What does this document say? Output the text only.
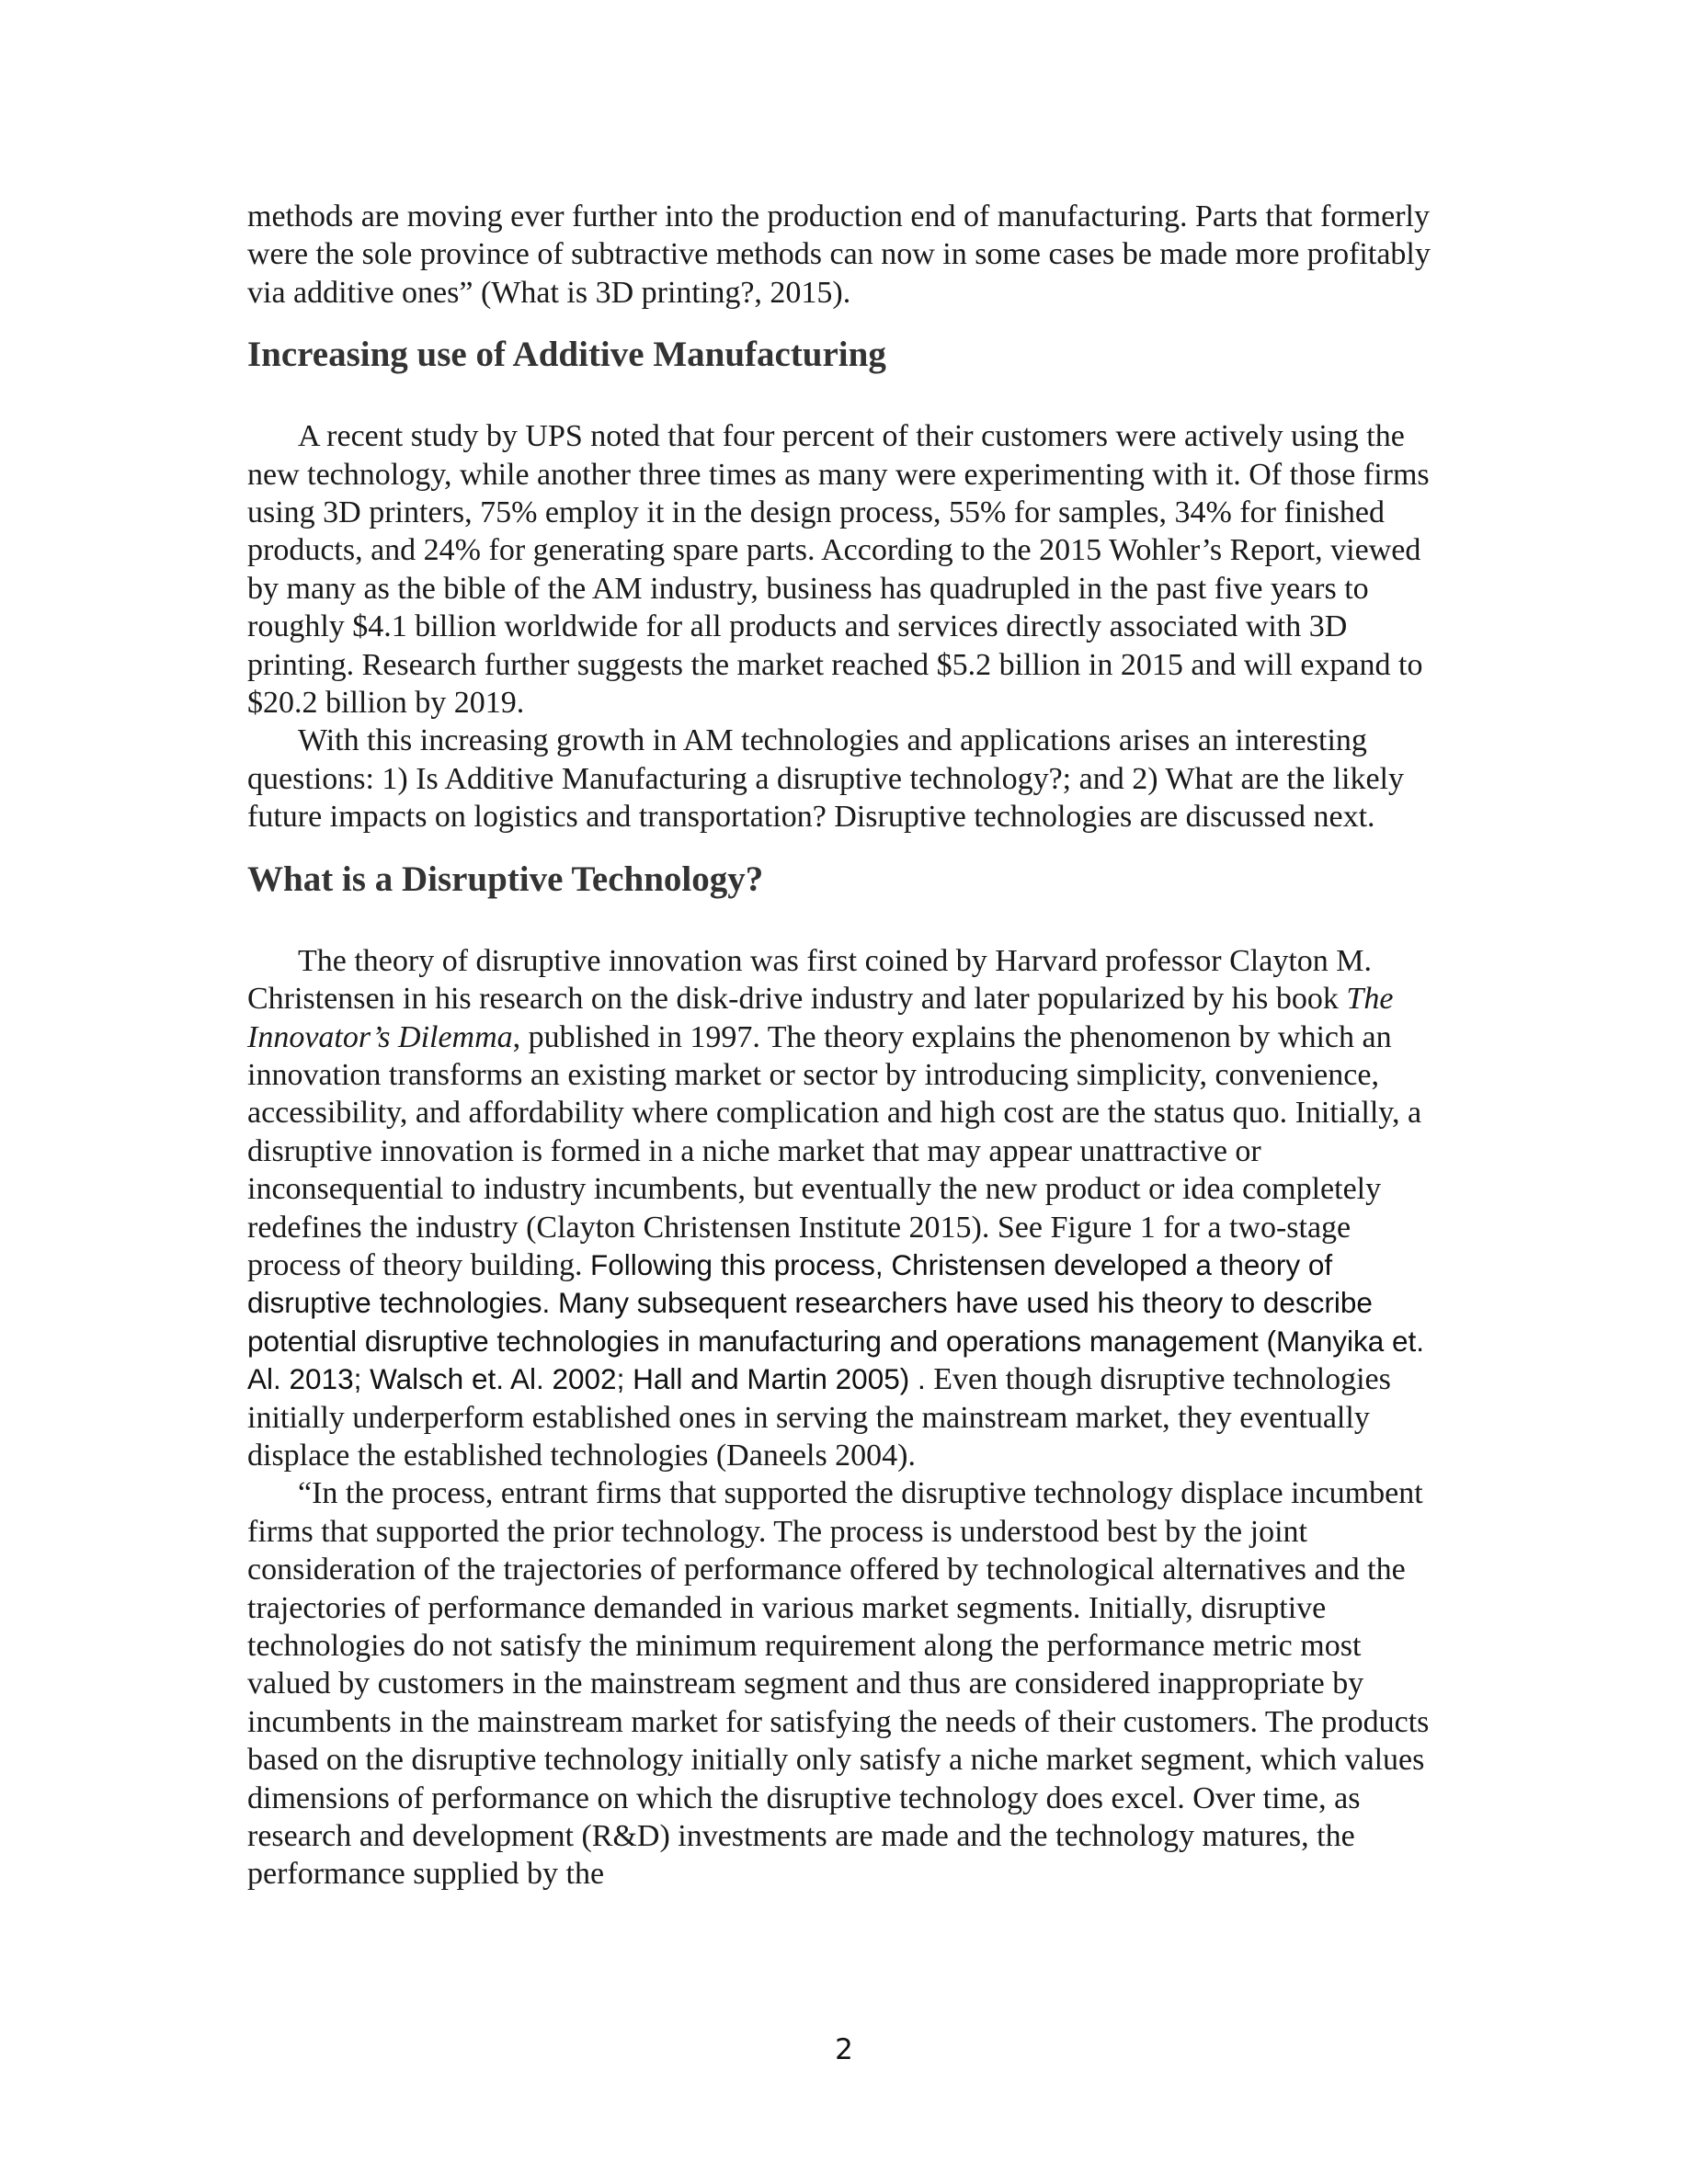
methods are moving ever further into the production end of manufacturing. Parts that formerly were the sole province of subtractive methods can now in some cases be made more profitably via additive ones” (What is 3D printing?, 2015).

Increasing use of Additive Manufacturing

A recent study by UPS noted that four percent of their customers were actively using the new technology, while another three times as many were experimenting with it. Of those firms using 3D printers, 75% employ it in the design process, 55% for samples, 34% for finished products, and 24% for generating spare parts. According to the 2015 Wohler’s Report, viewed by many as the bible of the AM industry, business has quadrupled in the past five years to roughly $4.1 billion worldwide for all products and services directly associated with 3D printing. Research further suggests the market reached $5.2 billion in 2015 and will expand to $20.2 billion by 2019.

With this increasing growth in AM technologies and applications arises an interesting questions: 1) Is Additive Manufacturing a disruptive technology?; and 2) What are the likely future impacts on logistics and transportation? Disruptive technologies are discussed next.

What is a Disruptive Technology?

The theory of disruptive innovation was first coined by Harvard professor Clayton M. Christensen in his research on the disk-drive industry and later popularized by his book The Innovator’s Dilemma, published in 1997. The theory explains the phenomenon by which an innovation transforms an existing market or sector by introducing simplicity, convenience, accessibility, and affordability where complication and high cost are the status quo. Initially, a disruptive innovation is formed in a niche market that may appear unattractive or inconsequential to industry incumbents, but eventually the new product or idea completely redefines the industry (Clayton Christensen Institute 2015). See Figure 1 for a two-stage process of theory building. Following this process, Christensen developed a theory of disruptive technologies. Many subsequent researchers have used his theory to describe potential disruptive technologies in manufacturing and operations management (Manyika et. Al. 2013; Walsch et. Al. 2002; Hall and Martin 2005) . Even though disruptive technologies initially underperform established ones in serving the mainstream market, they eventually displace the established technologies (Daneels 2004).

“In the process, entrant firms that supported the disruptive technology displace incumbent firms that supported the prior technology. The process is understood best by the joint consideration of the trajectories of performance offered by technological alternatives and the trajectories of performance demanded in various market segments. Initially, disruptive technologies do not satisfy the minimum requirement along the performance metric most valued by customers in the mainstream segment and thus are considered inappropriate by incumbents in the mainstream market for satisfying the needs of their customers. The products based on the disruptive technology initially only satisfy a niche market segment, which values dimensions of performance on which the disruptive technology does excel. Over time, as research and development (R&D) investments are made and the technology matures, the performance supplied by the

2
